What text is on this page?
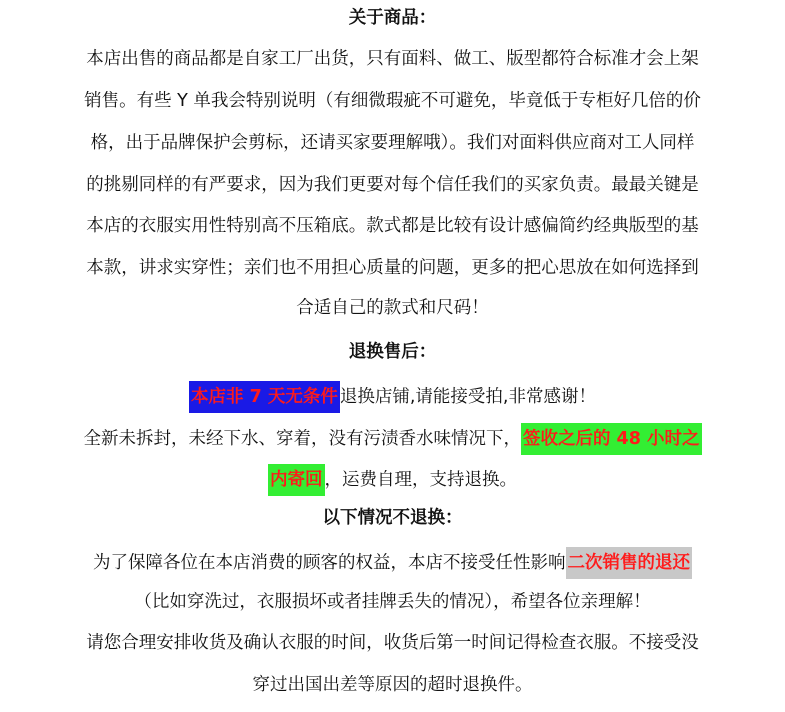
关于商品：
本店出售的商品都是自家工厂出货，只有面料、做工、版型都符合标准才会上架
销售。有些 Y 单我会特别说明（有细微瑕疵不可避免，毕竟低于专柜好几倍的价
格，出于品牌保护会剪标，还请买家要理解哦）。我们对面料供应商对工人同样
的挑剔同样的有严要求，因为我们更要对每个信任我们的买家负责。最最关键是
本店的衣服实用性特别高不压箱底。款式都是比较有设计感偏简约经典版型的基
本款，讲求实穿性；亲们也不用担心质量的问题，更多的把心思放在如何选择到
合适自己的款式和尺码！
退换售后：
本店非 7 天无条件 退换店铺,请能接受拍,非常感谢！
全新未拆封，未经下水、穿着，没有污渍香水味情况下， 签收之后的 48 小时之
内寄回 ，运费自理，支持退换。
以下情况不退换：
为了保障各位在本店消费的顾客的权益，本店不接受任性影响 二次销售的退还
（比如穿洗过，衣服损坏或者挂牌丢失的情况），希望各位亲理解！
请您合理安排收货及确认衣服的时间，收货后第一时间记得检查衣服。不接受没
穿过出国出差等原因的超时退换件。
